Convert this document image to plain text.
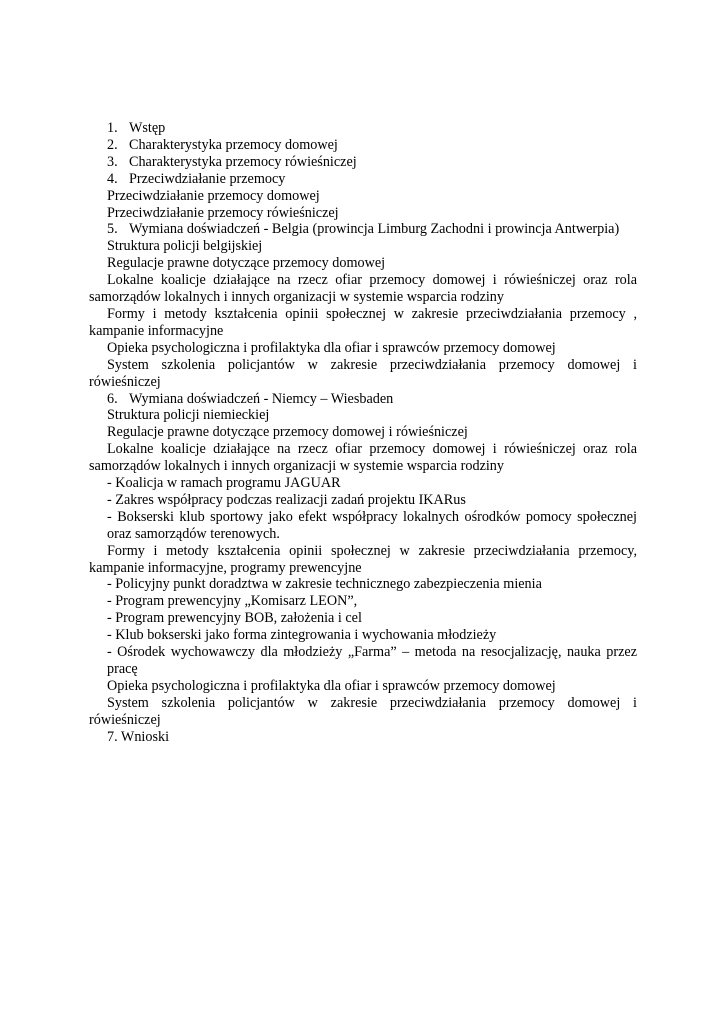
1. Wstęp
2. Charakterystyka przemocy domowej
3. Charakterystyka przemocy rówieśniczej
4. Przeciwdziałanie przemocy
Przeciwdziałanie przemocy domowej
Przeciwdziałanie przemocy rówieśniczej
5. Wymiana doświadczeń - Belgia (prowincja Limburg Zachodni i prowincja Antwerpia)
Struktura policji belgijskiej
Regulacje prawne dotyczące przemocy domowej
Lokalne koalicje działające na rzecz ofiar przemocy domowej i rówieśniczej oraz rola
samorządów lokalnych i innych organizacji w systemie wsparcia rodziny
Formy i metody kształcenia opinii społecznej w zakresie przeciwdziałania przemocy ,
kampanie informacyjne
Opieka psychologiczna i profilaktyka dla ofiar i sprawców przemocy domowej
System szkolenia policjantów w zakresie przeciwdziałania przemocy domowej i
rówieśniczej
6. Wymiana doświadczeń - Niemcy – Wiesbaden
Struktura policji niemieckiej
Regulacje prawne dotyczące przemocy domowej i rówieśniczej
Lokalne koalicje działające na rzecz ofiar przemocy domowej i rówieśniczej oraz rola
samorządów lokalnych i innych organizacji w systemie wsparcia rodziny
- Koalicja w ramach programu JAGUAR
- Zakres współpracy podczas realizacji zadań projektu IKARus
- Bokserski klub sportowy jako efekt współpracy lokalnych ośrodków pomocy społecznej
oraz samorządów terenowych.
Formy i metody kształcenia opinii społecznej w zakresie przeciwdziałania przemocy,
kampanie informacyjne, programy prewencyjne
- Policyjny punkt doradztwa w zakresie technicznego zabezpieczenia mienia
- Program prewencyjny „Komisarz LEON”,
- Program prewencyjny BOB, założenia i cel
- Klub bokserski jako forma zintegrowania i wychowania młodzieży
- Ośrodek wychowawczy dla młodzieży „Farma” – metoda na resocjalizację, nauka przez
pracę
Opieka psychologiczna i profilaktyka dla ofiar i sprawców przemocy domowej
System szkolenia policjantów w zakresie przeciwdziałania przemocy domowej i
rówieśniczej
7. Wnioski
